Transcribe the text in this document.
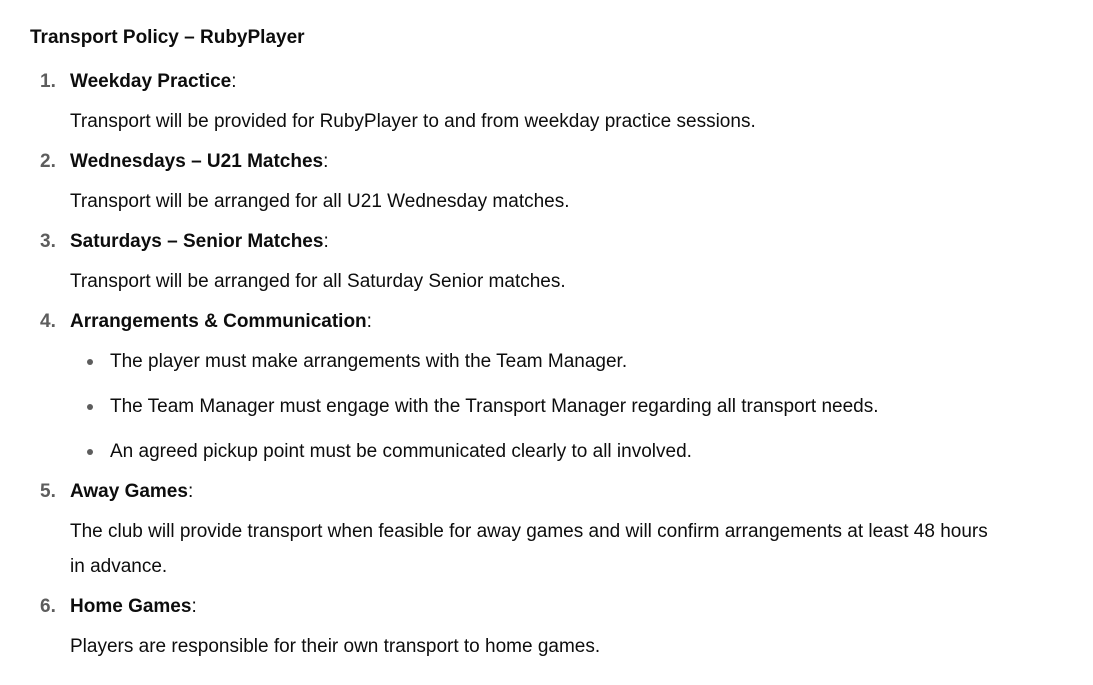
Transport Policy – RubyPlayer
1. Weekday Practice:
Transport will be provided for RubyPlayer to and from weekday practice sessions.
2. Wednesdays – U21 Matches:
Transport will be arranged for all U21 Wednesday matches.
3. Saturdays – Senior Matches:
Transport will be arranged for all Saturday Senior matches.
4. Arrangements & Communication:
The player must make arrangements with the Team Manager.
The Team Manager must engage with the Transport Manager regarding all transport needs.
An agreed pickup point must be communicated clearly to all involved.
5. Away Games:
The club will provide transport when feasible for away games and will confirm arrangements at least 48 hours in advance.
6. Home Games:
Players are responsible for their own transport to home games.
